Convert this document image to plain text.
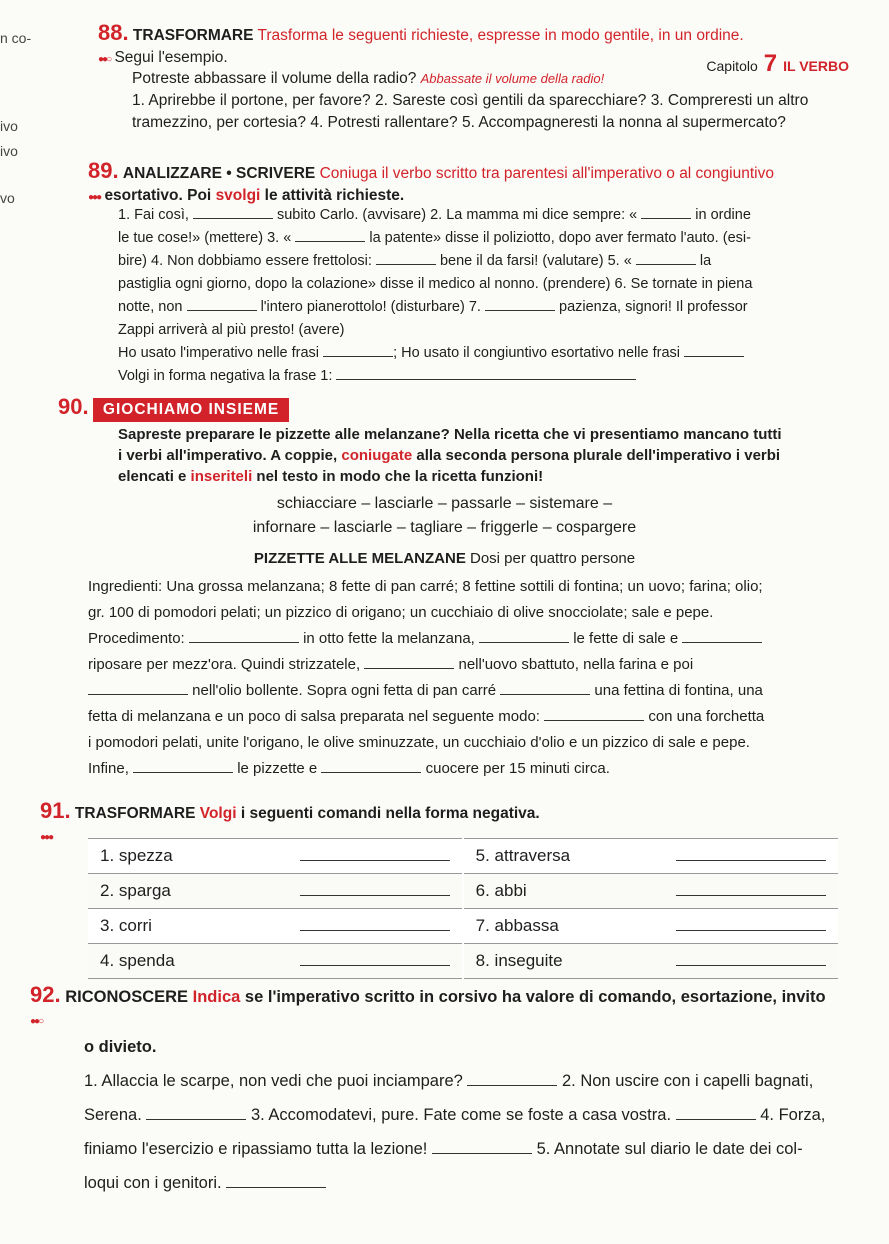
n co-
ivo
ivo
vo
Capitolo 7 IL VERBO
88. TRASFORMARE Trasforma le seguenti richieste, espresse in modo gentile, in un ordine.
●●○ Segui l'esempio.
Potreste abbassare il volume della radio? Abbassate il volume della radio!
1. Aprirebbe il portone, per favore? 2. Sareste così gentili da sparecchiare? 3. Compreresti un altro
tramezzino, per cortesia? 4. Potresti rallentare? 5. Accompagneresti la nonna al supermercato?
89. ANALIZZARE • SCRIVERE Coniuga il verbo scritto tra parentesi all'imperativo o al congiuntivo
●●● esortativo. Poi svolgi le attività richieste.
1. Fai così,	subito Carlo. (avvisare) 2. La mamma mi dice sempre: «	in ordine
le tue cose!» (mettere) 3. «	la patente» disse il poliziotto, dopo aver fermato l'auto. (esi-
bire) 4. Non dobbiamo essere frettolosi:	bene il da farsi! (valutare) 5. «	la
pastiglia ogni giorno, dopo la colazione» disse il medico al nonno. (prendere) 6. Se tornate in piena
notte, non	l'intero pianerottolo! (disturbare) 7.	pazienza, signori! Il professor
Zappi arriverà al più presto! (avere)
Ho usato l'imperativo nelle frasi	; Ho usato il congiuntivo esortativo nelle frasi
Volgi in forma negativa la frase 1:
90. GIOCHIAMO INSIEME
Sapreste preparare le pizzette alle melanzane? Nella ricetta che vi presentiamo mancano tutti
i verbi all'imperativo. A coppie, coniugate alla seconda persona plurale dell'imperativo i verbi
elencati e inseriteli nel testo in modo che la ricetta funzioni!
schiacciare – lasciarle – passarle – sistemare –
infornare – lasciarle – tagliare – friggerle – cospargere
PIZZETTE ALLE MELANZANE Dosi per quattro persone
Ingredienti: Una grossa melanzana; 8 fette di pan carré; 8 fettine sottili di fontina; un uovo; farina; olio;
gr. 100 di pomodori pelati; un pizzico di origano; un cucchiaio di olive snocciolate; sale e pepe.
Procedimento:	in otto fette la melanzana,	le fette di sale e
riposare per mezz'ora. Quindi strizzatele,	nell'uovo sbattuto, nella farina e poi
nell'olio bollente. Sopra ogni fetta di pan carré	una fettina di fontina, una
fetta di melanzana e un poco di salsa preparata nel seguente modo:	con una forchetta
i pomodori pelati, unite l'origano, le olive sminuzzate, un cucchiaio d'olio e un pizzico di sale e pepe.
Infine,	le pizzette e	cuocere per 15 minuti circa.
91. TRASFORMARE Volgi i seguenti comandi nella forma negativa.
●●●
1. spezza		5. attraversa	
2. sparga		6. abbi	
3. corri		7. abbassa	
4. spenda		8. inseguite	
92. RICONOSCERE Indica se l'imperativo scritto in corsivo ha valore di comando, esortazione, invito
●●○
o divieto.
1. Allaccia le scarpe, non vedi che puoi inciampare?	2. Non uscire con i capelli bagnati,
Serena.	3. Accomodatevi, pure. Fate come se foste a casa vostra.	4. Forza,
finiamo l'esercizio e ripassiamo tutta la lezione!	5. Annotate sul diario le date dei col-
loqui con i genitori.
